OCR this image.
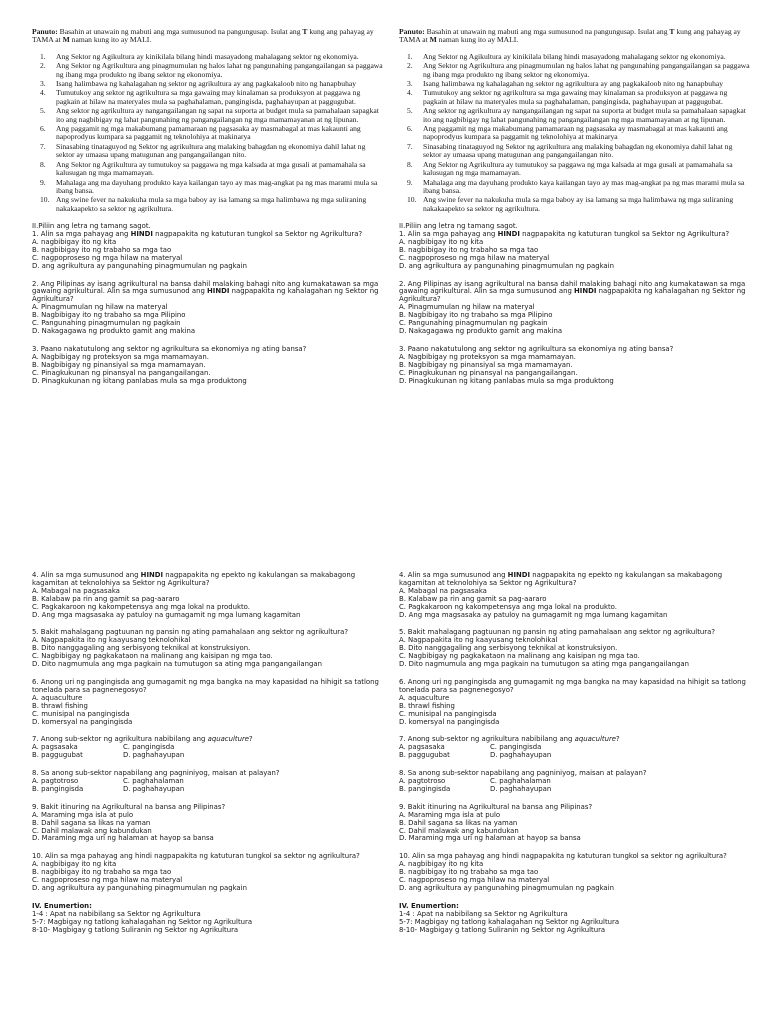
Panuto: Basahin at unawain ng mabuti ang mga sumusunod na pangungusap. Isulat ang T kung ang pahayag ay TAMA at M naman kung ito ay MALI.

1. Ang Sektor ng Agikultura ay kinikilala bilang hindi masayadong mahalagang sektor ng ekonomiya.
2. Ang Sektor ng Agrikultura ang pinagmumulan ng halos lahat ng pangunahing pangangailangan sa paggawa ng ibang mga produkto ng ibang sektor ng ekonomiya.
3. Isang halimbawa ng kahalagahan ng sektor ng agrikultura ay ang pagkakaloob nito ng hanapbuhay
4. Tumutukoy ang sektor ng agrikultura sa mga gawaing may kinalaman sa produksyon at paggawa ng pagkain at hilaw na materyales mula sa paghahalaman, pangingisda, paghahayupan at paggugubat.
5. Ang sektor ng agrikultura ay nangangailangan ng sapat na suporta at budget mula sa pamahalaan sapagkat ito ang nagbibigay ng lahat pangunahing ng pangangailangan ng mga mamamayanan at ng lipunan.
6. Ang paggamit ng mga makabumang pamamaraan ng pagsasaka ay masmabagal at mas kakaunti ang napoprodyus kumpara sa paggamit ng teknolohiya at makinarya
7. Sinasabing tinataguyod ng Sektor ng agrikultura ang malaking bahagdan ng ekonomiya dahil lahat ng sektor ay umaasa upang matugunan ang pangangailangan nito.
8. Ang Sektor ng Agrikultura ay tumutukoy sa paggawa ng mga kalsada at mga gusali at pamamahala sa kalusugan ng mga mamamayan.
9. Mahalaga ang ma dayuhang produkto kaya kailangan tayo ay mas mag-angkat pa ng mas marami mula sa ibang bansa.
10. Ang swine fever na nakukuha mula sa mga baboy ay isa lamang sa mga halimbawa ng mga suliraning nakakaapekto sa sektor ng agrikultura.

II.Piliin ang letra ng tamang sagot.

1. Alin sa mga pahayag ang HINDI nagpapakita ng katuturan tungkol sa Sektor ng Agrikultura?
A. nagbibigay ito ng kita
B. nagbibigay ito ng trabaho sa mga tao
C. nagpoproseso ng mga hilaw na materyal
D. ang agrikultura ay pangunahing pinagmumulan ng pagkain
2. Ang Pilipinas ay isang agrikultural na bansa dahil malaking bahagi nito ang kumakatawan sa mga gawaing agrikultural. Alin sa mga sumusunod ang HINDI nagpapakita ng kahalagahan ng Sektor ng Agrikultura?
A. Pinagmumulan ng hilaw na materyal
B. Nagbibigay ito ng trabaho sa mga Pilipino
C. Pangunahing pinagmumulan ng pagkain
D. Nakagagawa ng produkto gamit ang makina
3. Paano nakatutulong ang sektor ng agrikultura sa ekonomiya ng ating bansa?
A. Nagbibigay ng proteksyon sa mga mamamayan.
B. Nagbibigay ng pinansiyal sa mga mamamayan.
C. Pinagkukunan ng pinansyal na pangangailangan.
D. Pinagkukunan ng kitang panlabas mula sa mga produktong

Panuto: Basahin at unawain ng mabuti ang mga sumusunod na pangungusap. Isulat ang T kung ang pahayag ay TAMA at M naman kung ito ay MALI.

1. Ang Sektor ng Agikultura ay kinikilala bilang hindi masayadong mahalagang sektor ng ekonomiya.
2. Ang Sektor ng Agrikultura ang pinagmumulan ng halos lahat ng pangunahing pangangailangan sa paggawa ng ibang mga produkto ng ibang sektor ng ekonomiya.
3. Isang halimbawa ng kahalagahan ng sektor ng agrikultura ay ang pagkakaloob nito ng hanapbuhay
4. Tumutukoy ang sektor ng agrikultura sa mga gawaing may kinalaman sa produksyon at paggawa ng pagkain at hilaw na materyales mula sa paghahalaman, pangingisda, paghahayupan at paggugubat.
5. Ang sektor ng agrikultura ay nangangailangan ng sapat na suporta at budget mula sa pamahalaan sapagkat ito ang nagbibigay ng lahat pangunahing ng pangangailangan ng mga mamamayanan at ng lipunan.
6. Ang paggamit ng mga makabumang pamamaraan ng pagsasaka ay masmabagal at mas kakaunti ang napoprodyus kumpara sa paggamit ng teknolohiya at makinarya
7. Sinasabing tinataguyod ng Sektor ng agrikultura ang malaking bahagdan ng ekonomiya dahil lahat ng sektor ay umaasa upang matugunan ang pangangailangan nito.
8. Ang Sektor ng Agrikultura ay tumutukoy sa paggawa ng mga kalsada at mga gusali at pamamahala sa kalusugan ng mga mamamayan.
9. Mahalaga ang ma dayuhang produkto kaya kailangan tayo ay mas mag-angkat pa ng mas marami mula sa ibang bansa.
10. Ang swine fever na nakukuha mula sa mga baboy ay isa lamang sa mga halimbawa ng mga suliraning nakakaapekto sa sektor ng agrikultura.

II.Piliin ang letra ng tamang sagot.

1. Alin sa mga pahayag ang HINDI nagpapakita ng katuturan tungkol sa Sektor ng Agrikultura?
A. nagbibigay ito ng kita
B. nagbibigay ito ng trabaho sa mga tao
C. nagpoproseso ng mga hilaw na materyal
D. ang agrikultura ay pangunahing pinagmumulan ng pagkain
2. Ang Pilipinas ay isang agrikultural na bansa dahil malaking bahagi nito ang kumakatawan sa mga gawaing agrikultural. Alin sa mga sumusunod ang HINDI nagpapakita ng kahalagahan ng Sektor ng Agrikultura?
A. Pinagmumulan ng hilaw na materyal
B. Nagbibigay ito ng trabaho sa mga Pilipino
C. Pangunahing pinagmumulan ng pagkain
D. Nakagagawa ng produkto gamit ang makina
3. Paano nakatutulong ang sektor ng agrikultura sa ekonomiya ng ating bansa?
A. Nagbibigay ng proteksyon sa mga mamamayan.
B. Nagbibigay ng pinansiyal sa mga mamamayan.
C. Pinagkukunan ng pinansyal na pangangailangan.
D. Pinagkukunan ng kitang panlabas mula sa mga produktong
4. Alin sa mga sumusunod ang HINDI nagpapakita ng epekto ng kakulangan sa makabagong kagamitan at teknolohiya sa Sektor ng Agrikultura?
A. Mabagal na pagsasaka
B. Kalabaw pa rin ang gamit sa pag-aararo
C. Pagkakaroon ng kakompetensya ang mga lokal na produkto.
D. Ang mga magsasaka ay patuloy na gumagamit ng mga lumang kagamitan
5. Bakit mahalagang pagtuunan ng pansin ng ating pamahalaan ang sektor ng agrikultura?
A. Nagpapakita ito ng kaayusang teknolohikal
B. Dito nanggagaling ang serbisyong teknikal at konstruksiyon.
C. Nagbibigay ng pagkakataon na malinang ang kaisipan ng mga tao.
D. Dito nagmumula ang mga pagkain na tumutugon sa ating mga pangangailangan
6. Anong uri ng pangingisda ang gumagamit ng mga bangka na may kapasidad na hihigit sa tatlong tonelada para sa pagnenegosyo?
A. aquaculture
B. thrawl fishing
C. munisipal na pangingisda
D. komersyal na pangingisda
7. Anong sub-sektor ng agrikultura nabibilang ang aquaculture?
A. pagsasaka	C. pangingisda
B. paggugubat	D. paghahayupan
8. Sa anong sub-sektor napabilang ang pagniniyog, maisan at palayan?
A. pagtotroso	C. paghahalaman
B. pangingisda	D. paghahayupan
9. Bakit itinuring na Agrikultural na bansa ang Pilipinas?
A. Maraming mga isla at pulo
B. Dahil sagana sa likas na yaman
C. Dahil malawak ang kabundukan
D. Maraming mga uri ng halaman at hayop sa bansa
10. Alin sa mga pahayag ang hindi nagpapakita ng katuturan tungkol sa sektor ng agrikultura?
A. nagbibigay ito ng kita
B. nagbibigay ito ng trabaho sa mga tao
C. nagpoproseso ng mga hilaw na materyal
D. ang agrikultura ay pangunahing pinagmumulan ng pagkain
IV. Enumertion:
1-4 : Apat na nabibilang sa Sektor ng Agrikultura
5-7: Magbigay ng tatlong kahalagahan ng Sektor ng Agrikultura
8-10- Magbigay g tatlong Suliranin ng Sektor ng Agrikultura
4. Alin sa mga sumusunod ang HINDI nagpapakita ng epekto ng kakulangan sa makabagong kagamitan at teknolohiya sa Sektor ng Agrikultura?
A. Mabagal na pagsasaka
B. Kalabaw pa rin ang gamit sa pag-aararo
C. Pagkakaroon ng kakompetensya ang mga lokal na produkto.
D. Ang mga magsasaka ay patuloy na gumagamit ng mga lumang kagamitan
5. Bakit mahalagang pagtuunan ng pansin ng ating pamahalaan ang sektor ng agrikultura?
A. Nagpapakita ito ng kaayusang teknolohikal
B. Dito nanggagaling ang serbisyong teknikal at konstruksiyon.
C. Nagbibigay ng pagkakataon na malinang ang kaisipan ng mga tao.
D. Dito nagmumula ang mga pagkain na tumutugon sa ating mga pangangailangan
6. Anong uri ng pangingisda ang gumagamit ng mga bangka na may kapasidad na hihigit sa tatlong tonelada para sa pagnenegosyo?
A. aquaculture
B. thrawl fishing
C. munisipal na pangingisda
D. komersyal na pangingisda
7. Anong sub-sektor ng agrikultura nabibilang ang aquaculture?
A. pagsasaka	C. pangingisda
B. paggugubat	D. paghahayupan
8. Sa anong sub-sektor napabilang ang pagniniyog, maisan at palayan?
A. pagtotroso	C. paghahalaman
B. pangingisda	D. paghahayupan
9. Bakit itinuring na Agrikultural na bansa ang Pilipinas?
A. Maraming mga isla at pulo
B. Dahil sagana sa likas na yaman
C. Dahil malawak ang kabundukan
D. Maraming mga uri ng halaman at hayop sa bansa
10. Alin sa mga pahayag ang hindi nagpapakita ng katuturan tungkol sa sektor ng agrikultura?
A. nagbibigay ito ng kita
B. nagbibigay ito ng trabaho sa mga tao
C. nagpoproseso ng mga hilaw na materyal
D. ang agrikultura ay pangunahing pinagmumulan ng pagkain
IV. Enumertion:
1-4 : Apat na nabibilang sa Sektor ng Agrikultura
5-7: Magbigay ng tatlong kahalagahan ng Sektor ng Agrikultura
8-10- Magbigay g tatlong Suliranin ng Sektor ng Agrikultura
